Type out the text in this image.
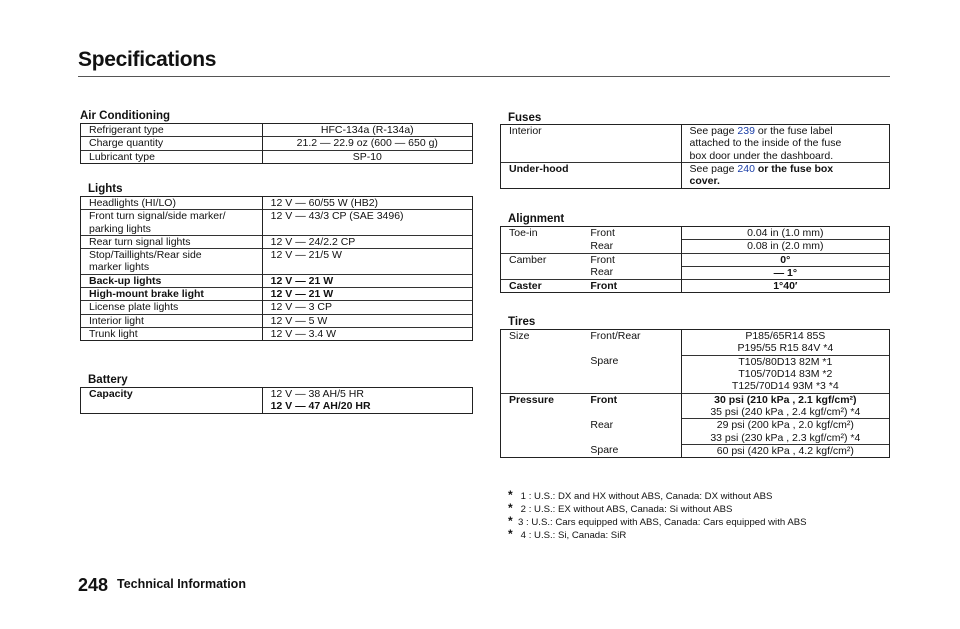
Specifications
Air Conditioning
Refrigerant type	HFC-134a (R-134a)
Charge quantity	21.2 — 22.9 oz (600 — 650 g)
Lubricant type	SP-10
Lights
Headlights (HI/LO)	12 V — 60/55 W (HB2)
Front turn signal/side marker/	12 V — 43/3 CP (SAE 3496)
parking lights	
Rear turn signal lights	12 V — 24/2.2 CP
Stop/Taillights/Rear side	12 V — 21/5 W
marker lights	
Back-up lights	12 V — 21 W
High-mount brake light	12 V — 21 W
License plate lights	12 V — 3 CP
Interior light	12 V — 5 W
Trunk light	12 V — 3.4 W
Battery
Capacity	12 V — 38 AH/5 HR
	12 V — 47 AH/20 HR
Fuses
Interior	See page 239 or the fuse label
	attached to the inside of the fuse
	box door under the dashboard.
Under-hood	See page 240 or the fuse box
	cover.
Alignment
Toe-in	Front	0.04 in (1.0 mm)
	Rear	0.08 in (2.0 mm)
Camber	Front	0°
	Rear	— 1°
Caster	Front	1°40′
Tires
Size	Front/Rear	P185/65R14 85S
		P195/55 R15 84V *4
	Spare	T105/80D13 82M *1
		T105/70D14 83M *2
		T125/70D14 93M *3 *4
Pressure	Front	30 psi (210 kPa , 2.1 kgf/cm²)
		35 psi (240 kPa , 2.4 kgf/cm²) *4
	Rear	29 psi (200 kPa , 2.0 kgf/cm²)
		33 psi (230 kPa , 2.3 kgf/cm²) *4
	Spare	60 psi (420 kPa , 4.2 kgf/cm²)
* 1 : U.S.: DX and HX without ABS, Canada: DX without ABS
* 2 : U.S.: EX without ABS, Canada: Si without ABS
* 3 : U.S.: Cars equipped with ABS, Canada: Cars equipped with ABS
* 4 : U.S.: Si, Canada: SiR
248 Technical Information
